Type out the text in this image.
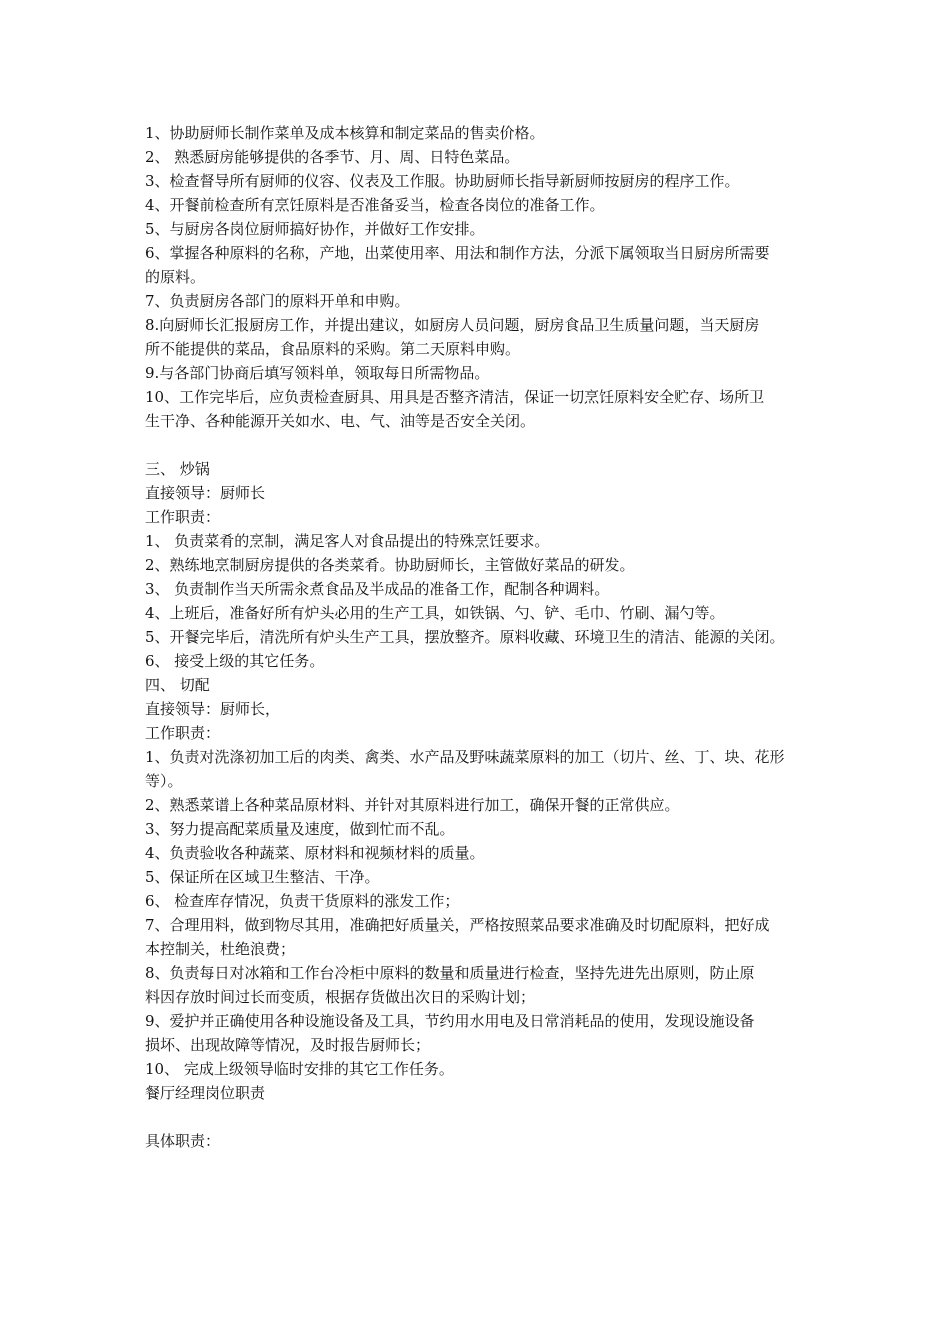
1、协助厨师长制作菜单及成本核算和制定菜品的售卖价格。
2、 熟悉厨房能够提供的各季节、月、周、日特色菜品。
3、检查督导所有厨师的仪容、仪表及工作服。协助厨师长指导新厨师按厨房的程序工作。
4、开餐前检查所有烹饪原料是否准备妥当，检查各岗位的准备工作。
5、与厨房各岗位厨师搞好协作，并做好工作安排。
6、掌握各种原料的名称，产地，出菜使用率、用法和制作方法，分派下属领取当日厨房所需要
的原料。
7、负责厨房各部门的原料开单和申购。
8.向厨师长汇报厨房工作，并提出建议，如厨房人员问题，厨房食品卫生质量问题，当天厨房
所不能提供的菜品，食品原料的采购。第二天原料申购。
9.与各部门协商后填写领料单，领取每日所需物品。
10、工作完毕后，应负责检查厨具、用具是否整齐清洁，保证一切烹饪原料安全贮存、场所卫
生干净、各种能源开关如水、电、气、油等是否安全关闭。
三、 炒锅
直接领导：厨师长
工作职责：
1、 负责菜肴的烹制，满足客人对食品提出的特殊烹饪要求。
2、熟练地烹制厨房提供的各类菜肴。协助厨师长，主管做好菜品的研发。
3、 负责制作当天所需汆煮食品及半成品的准备工作，配制各种调料。
4、上班后，准备好所有炉头必用的生产工具，如铁锅、勺、铲、毛巾、竹刷、漏勺等。
5、开餐完毕后，清洗所有炉头生产工具，摆放整齐。原料收藏、环境卫生的清洁、能源的关闭。
6、 接受上级的其它任务。
四、 切配
直接领导：厨师长，
工作职责：
1、负责对洗涤初加工后的肉类、禽类、水产品及野味蔬菜原料的加工（切片、丝、丁、块、花形
等）。
2、熟悉菜谱上各种菜品原材料、并针对其原料进行加工，确保开餐的正常供应。
3、努力提高配菜质量及速度，做到忙而不乱。
4、负责验收各种蔬菜、原材料和视频材料的质量。
5、保证所在区域卫生整洁、干净。
6、 检查库存情况，负责干货原料的涨发工作；
7、合理用料，做到物尽其用，准确把好质量关，严格按照菜品要求准确及时切配原料，把好成
本控制关，杜绝浪费；
8、负责每日对冰箱和工作台冷柜中原料的数量和质量进行检查，坚持先进先出原则，防止原
料因存放时间过长而变质，根据存货做出次日的采购计划；
9、爱护并正确使用各种设施设备及工具，节约用水用电及日常消耗品的使用，发现设施设备
损坏、出现故障等情况，及时报告厨师长；
10、 完成上级领导临时安排的其它工作任务。
餐厅经理岗位职责
具体职责：
